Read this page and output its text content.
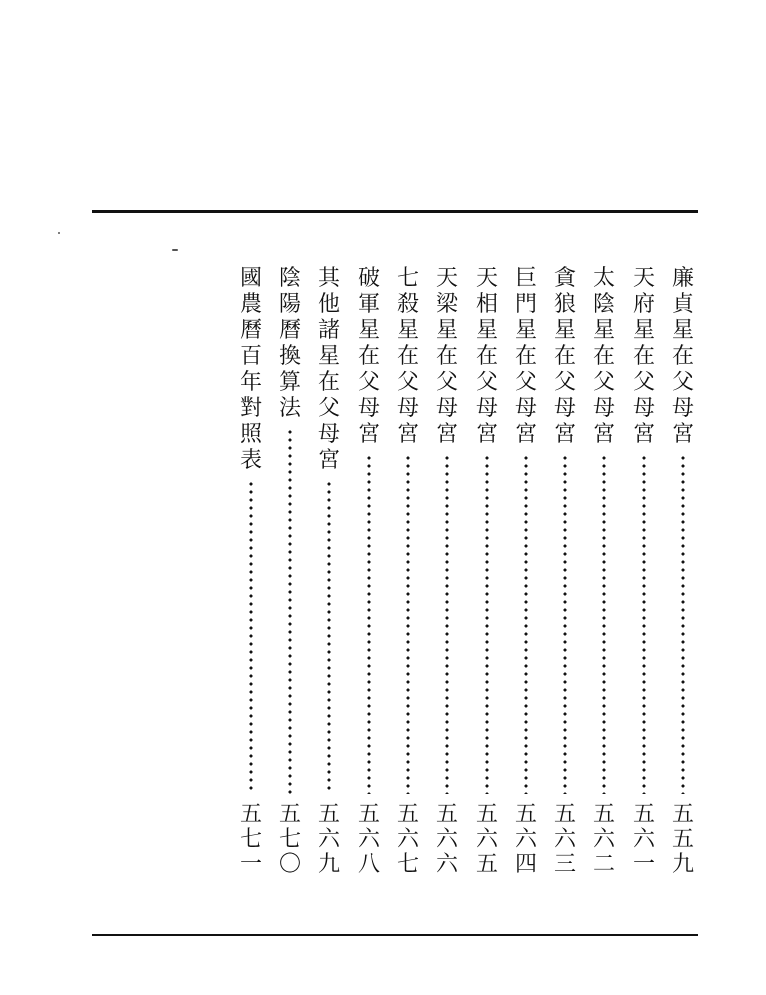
廉
貞
星
在
父
母
宮
五
五
九
天
府
星
在
父
母
宮
五
六
一
太
陰
星
在
父
母
宮
五
六
二
貪
狼
星
在
父
母
宮
五
六
三
巨
門
星
在
父
母
宮
五
六
四
天
相
星
在
父
母
宮
五
六
五
天
梁
星
在
父
母
宮
五
六
六
七
殺
星
在
父
母
宮
五
六
七
破
軍
星
在
父
母
宮
五
六
八
其
他
諸
星
在
父
母
宮
五
六
九
陰
陽
曆
換
算
法
五
七
〇
國
農
曆
百
年
對
照
表
五
七
一
